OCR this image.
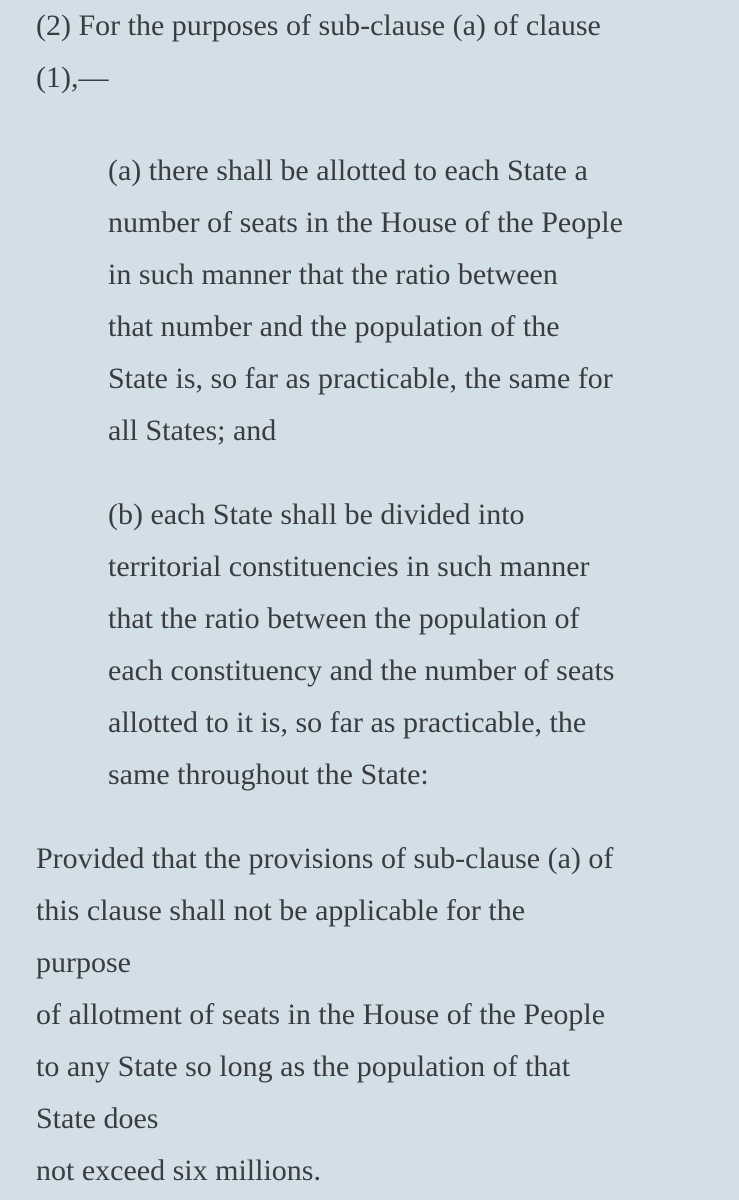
(2) For the purposes of sub-clause (a) of clause
(1),—
(a) there shall be allotted to each State a
number of seats in the House of the People
in such manner that the ratio between
that number and the population of the
State is, so far as practicable, the same for
all States; and
(b) each State shall be divided into
territorial constituencies in such manner
that the ratio between the population of
each constituency and the number of seats
allotted to it is, so far as practicable, the
same throughout the State:
Provided that the provisions of sub-clause (a) of
this clause shall not be applicable for the
purpose
of allotment of seats in the House of the People
to any State so long as the population of that
State does
not exceed six millions.
